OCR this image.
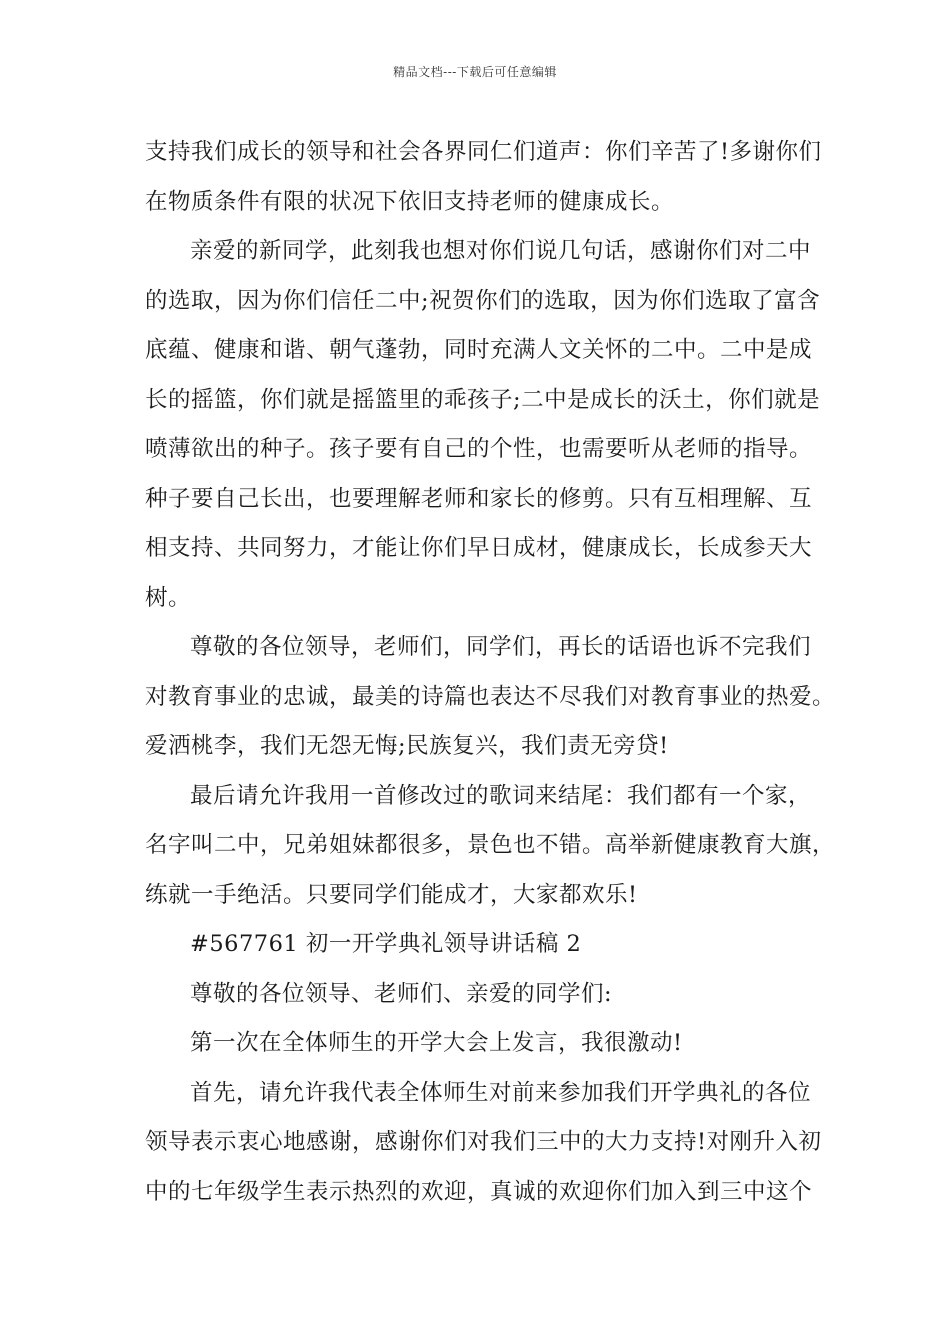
精品文档---下载后可任意编辑
支持我们成长的领导和社会各界同仁们道声：你们辛苦了!多谢你们
在物质条件有限的状况下依旧支持老师的健康成长。
亲爱的新同学，此刻我也想对你们说几句话，感谢你们对二中
的选取，因为你们信任二中;祝贺你们的选取，因为你们选取了富含
底蕴、健康和谐、朝气蓬勃，同时充满人文关怀的二中。二中是成
长的摇篮，你们就是摇篮里的乖孩子;二中是成长的沃土，你们就是
喷薄欲出的种子。孩子要有自己的个性，也需要听从老师的指导。
种子要自己长出，也要理解老师和家长的修剪。只有互相理解、互
相支持、共同努力，才能让你们早日成材，健康成长，长成参天大
树。
尊敬的各位领导，老师们，同学们，再长的话语也诉不完我们
对教育事业的忠诚，最美的诗篇也表达不尽我们对教育事业的热爱。
爱洒桃李，我们无怨无悔;民族复兴，我们责无旁贷!
最后请允许我用一首修改过的歌词来结尾：我们都有一个家，
名字叫二中，兄弟姐妹都很多，景色也不错。高举新健康教育大旗，
练就一手绝活。只要同学们能成才，大家都欢乐!
#567761 初一开学典礼领导讲话稿 2
尊敬的各位领导、老师们、亲爱的同学们:
第一次在全体师生的开学大会上发言，我很激动!
首先，请允许我代表全体师生对前来参加我们开学典礼的各位
领导表示衷心地感谢，感谢你们对我们三中的大力支持!对刚升入初
中的七年级学生表示热烈的欢迎，真诚的欢迎你们加入到三中这个
